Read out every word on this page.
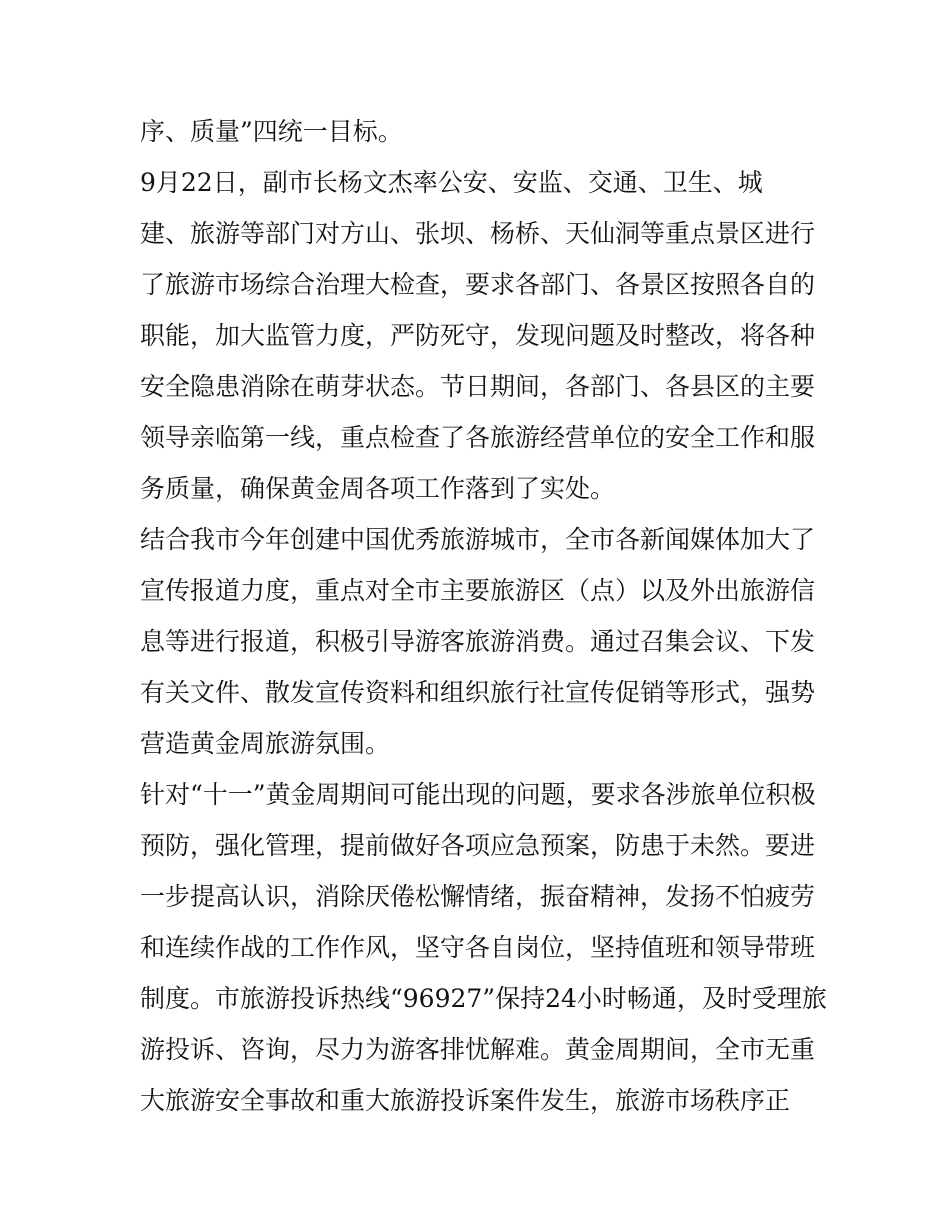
序、质量”四统一目标。
9月22日，副市长杨文杰率公安、安监、交通、卫生、城
建、旅游等部门对方山、张坝、杨桥、天仙洞等重点景区进行
了旅游市场综合治理大检查，要求各部门、各景区按照各自的
职能，加大监管力度，严防死守，发现问题及时整改，将各种
安全隐患消除在萌芽状态。节日期间，各部门、各县区的主要
领导亲临第一线，重点检查了各旅游经营单位的安全工作和服
务质量，确保黄金周各项工作落到了实处。
结合我市今年创建中国优秀旅游城市，全市各新闻媒体加大了
宣传报道力度，重点对全市主要旅游区（点）以及外出旅游信
息等进行报道，积极引导游客旅游消费。通过召集会议、下发
有关文件、散发宣传资料和组织旅行社宣传促销等形式，强势
营造黄金周旅游氛围。
针对“十一”黄金周期间可能出现的问题，要求各涉旅单位积极
预防，强化管理，提前做好各项应急预案，防患于未然。要进
一步提高认识，消除厌倦松懈情绪，振奋精神，发扬不怕疲劳
和连续作战的工作作风，坚守各自岗位，坚持值班和领导带班
制度。市旅游投诉热线“96927”保持24小时畅通，及时受理旅
游投诉、咨询，尽力为游客排忧解难。黄金周期间，全市无重
大旅游安全事故和重大旅游投诉案件发生，旅游市场秩序正
